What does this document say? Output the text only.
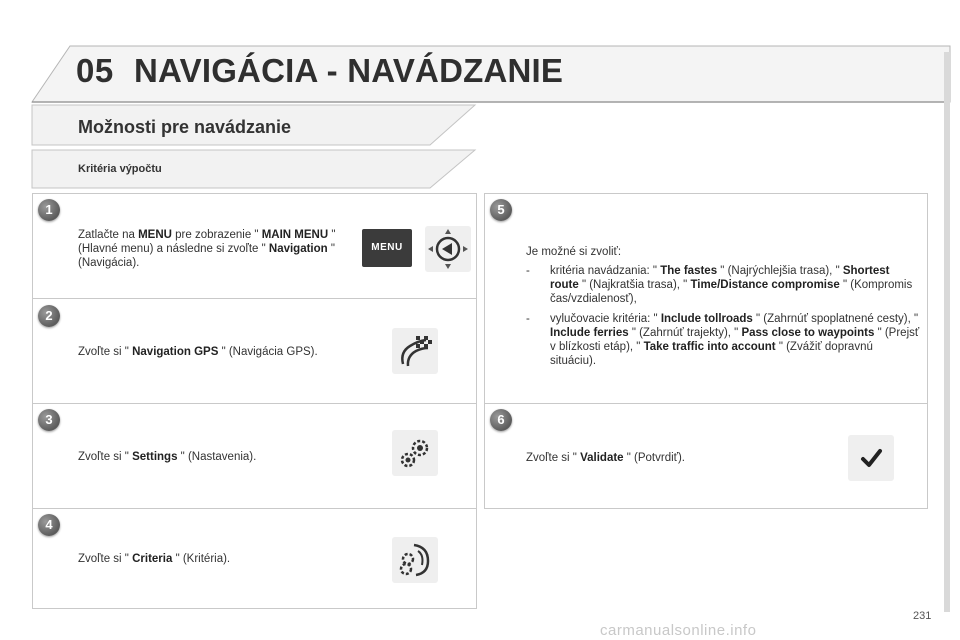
05 NAVIGÁCIA - NAVÁDZANIE
Možnosti pre navádzanie
Kritéria výpočtu
1
Zatlačte na MENU pre zobrazenie " MAIN MENU " (Hlavné menu) a následne si zvoľte " Navigation " (Navigácia).
MENU
2
Zvoľte si " Navigation GPS " (Navigácia GPS).
3
Zvoľte si " Settings " (Nastavenia).
4
Zvoľte si " Criteria " (Kritéria).
5
Je možné si zvoliť:
- kritéria navádzania: " The fastes " (Najrýchlejšia trasa), " Shortest route " (Najkratšia trasa), " Time/Distance compromise " (Kompromis čas/vzdialenosť),
- vylučovacie kritéria: " Include tollroads " (Zahrnúť spoplatnené cesty), " Include ferries " (Zahrnúť trajekty), " Pass close to waypoints " (Prejsť v blízkosti etáp), " Take traffic into account " (Zvážiť dopravnú situáciu).
6
Zvoľte si " Validate " (Potvrdiť).
231
carmanualsonline.info
